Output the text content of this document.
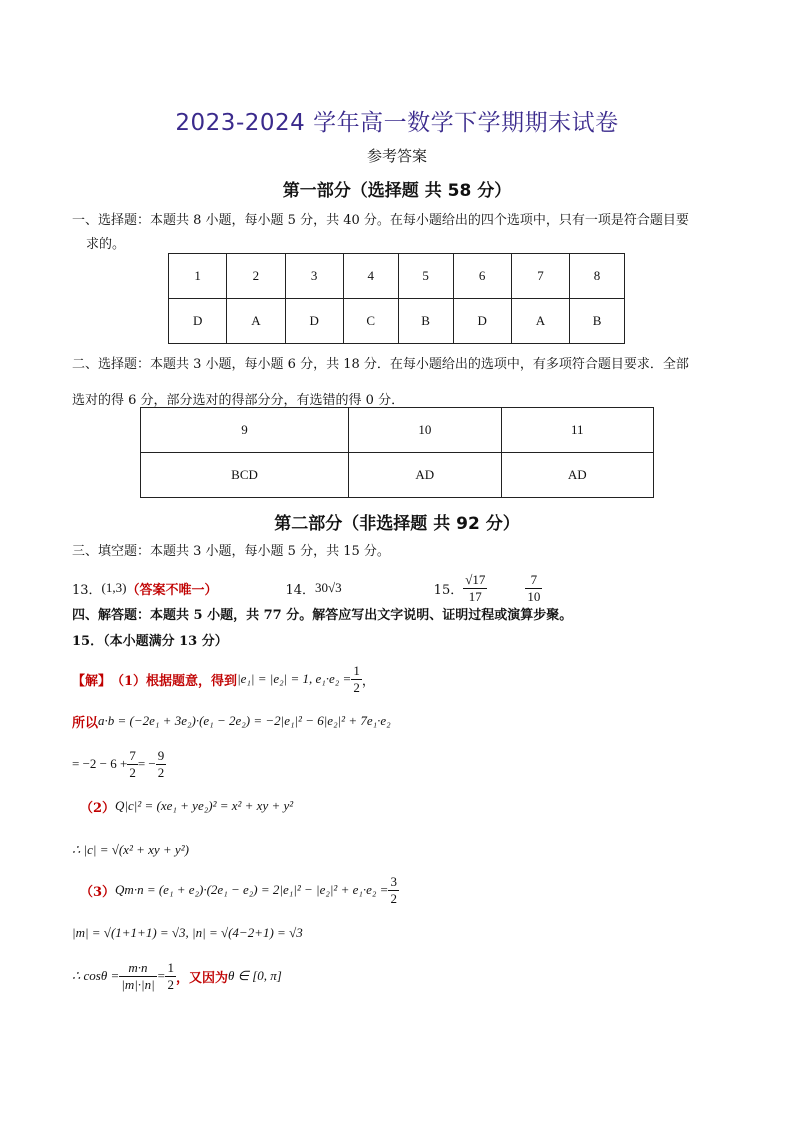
2023-2024 学年高一数学下学期期末试卷
参考答案
第一部分（选择题 共 58 分）
一、选择题：本题共 8 小题，每小题 5 分，共 40 分。在每小题给出的四个选项中，只有一项是符合题目要
求的。
1	2	3	4	5	6	7	8
D	A	D	C	B	D	A	B
二、选择题：本题共 3 小题，每小题 6 分，共 18 分．在每小题给出的选项中，有多项符合题目要求．全部
选对的得 6 分，部分选对的得部分分，有选错的得 0 分．
9	10	11
BCD	AD	AD
第二部分（非选择题 共 92 分）
三、填空题：本题共 3 小题，每小题 5 分，共 15 分。
13． (1,3) （答案不唯一）	14． 30√3	15． $\frac{√17}{17}$	$\frac{7}{10}$
四、解答题：本题共 5 小题，共 77 分。解答应写出文字说明、证明过程或演算步聚。
15．（本小题满分 13 分）
【解】 （1）根据题意，得到 |e₁| = |e₂| = 1, $e_1\cdot e_2 = \frac{1}{2}$ ，
所以 a·b = (−2e₁ + 3e₂)·(e₁ − 2e₂) = −2|e₁|² − 6|e₂|² + 7e₁·e₂
= $-2 - 6 + \frac{7}{2}$ = − $\frac{9}{2}$
（2） Q|c|² = (xe₁ + ye₂)² = x² + xy + y²
∴ |c| = √(x² + xy + y²)
（3） $Qm\cdot n = (e_1 + e_2)\cdot(2e_1 - e_2) = 2|e_1|^2 - |e_2|^2 + e_1\cdot e_2 = \frac{3}{2}$
|m| = √(1+1+1) = √3, |n| = √(4−2+1) = √3
∴ $\cos\theta = \frac{m\cdot n}{|m|\cdot|n|} = \frac{1}{2}$ ，又因为 θ ∈ [0, π]
